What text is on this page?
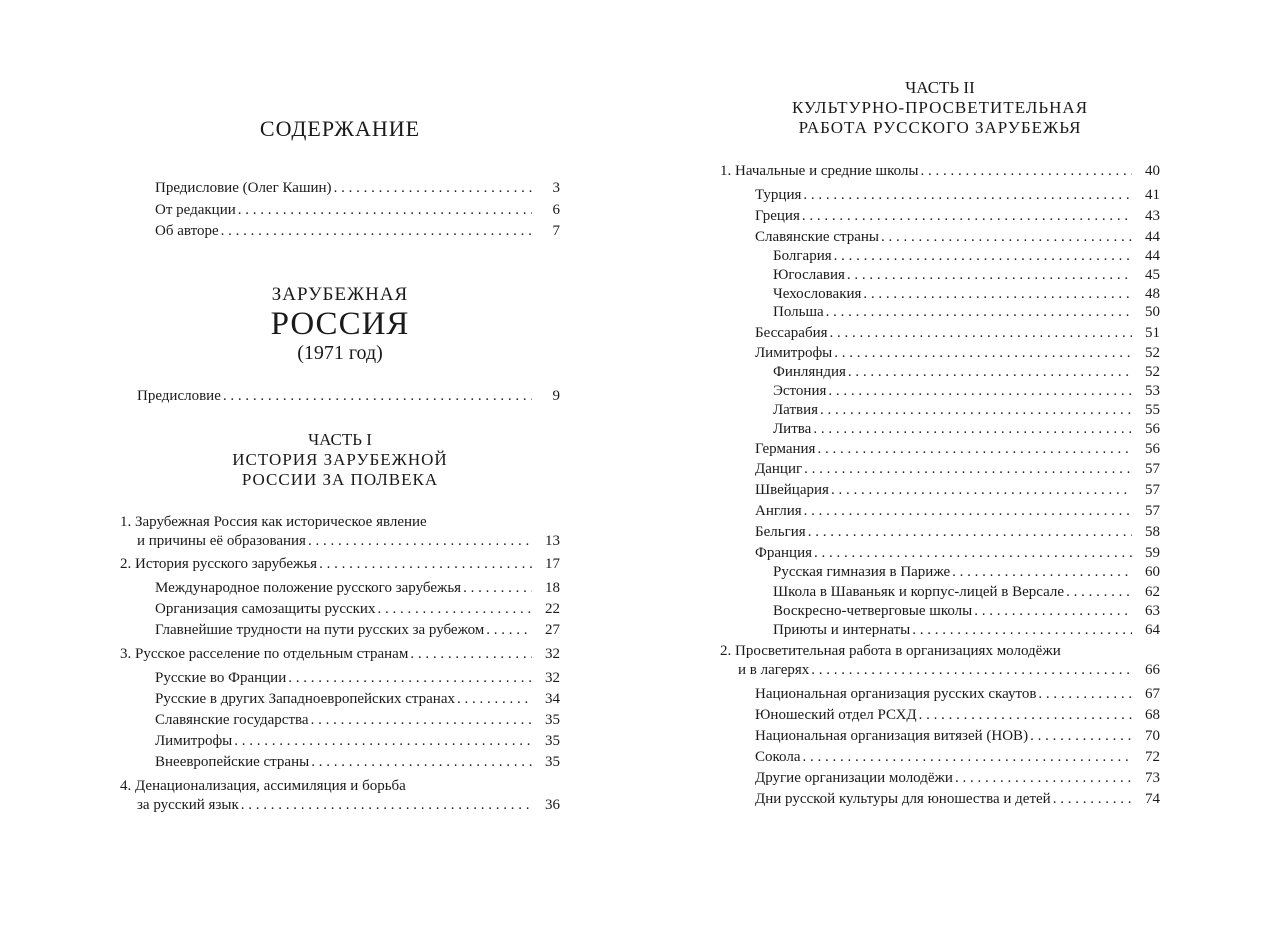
СОДЕРЖАНИЕ
Предисловие (Олег Кашин) . . .	3
От редакции . . .	6
Об авторе . . .	7
ЗАРУБЕЖНАЯ
РОССИЯ
(1971 год)
Предисловие . . .	9
ЧАСТЬ I
ИСТОРИЯ ЗАРУБЕЖНОЙ
РОССИИ ЗА ПОЛВЕКА
1. Зарубежная Россия как историческое явление
и причины её образования . . .	13
2. История русского зарубежья . . .	17
Международное положение русского зарубежья . . .	18
Организация самозащиты русских . . .	22
Главнейшие трудности на пути русских за рубежом . . .	27
3. Русское расселение по отдельным странам . . .	32
Русские во Франции . . .	32
Русские в других Западноевропейских странах . . .	34
Славянские государства . . .	35
Лимитрофы . . .	35
Внеевропейские страны . . .	35
4. Денационализация, ассимиляция и борьба
за русский язык . . .	36
ЧАСТЬ II
КУЛЬТУРНО-ПРОСВЕТИТЕЛЬНАЯ
РАБОТА РУССКОГО ЗАРУБЕЖЬЯ
1. Начальные и средние школы . . .	40
Турция . . .	41
Греция . . .	43
Славянские страны . . .	44
Болгария . . .	44
Югославия . . .	45
Чехословакия . . .	48
Польша . . .	50
Бессарабия . . .	51
Лимитрофы . . .	52
Финляндия . . .	52
Эстония . . .	53
Латвия . . .	55
Литва . . .	56
Германия . . .	56
Данциг . . .	57
Швейцария . . .	57
Англия . . .	57
Бельгия . . .	58
Франция . . .	59
Русская гимназия в Париже . . .	60
Школа в Шаваньяк и корпус-лицей в Версале . . .	62
Воскресно-четверговые школы . . .	63
Приюты и интернаты . . .	64
2. Просветительная работа в организациях молодёжи
и в лагерях . . .	66
Национальная организация русских скаутов . . .	67
Юношеский отдел РСХД . . .	68
Национальная организация витязей (НОВ) . . .	70
Сокола . . .	72
Другие организации молодёжи . . .	73
Дни русской культуры для юношества и детей . . .	74
